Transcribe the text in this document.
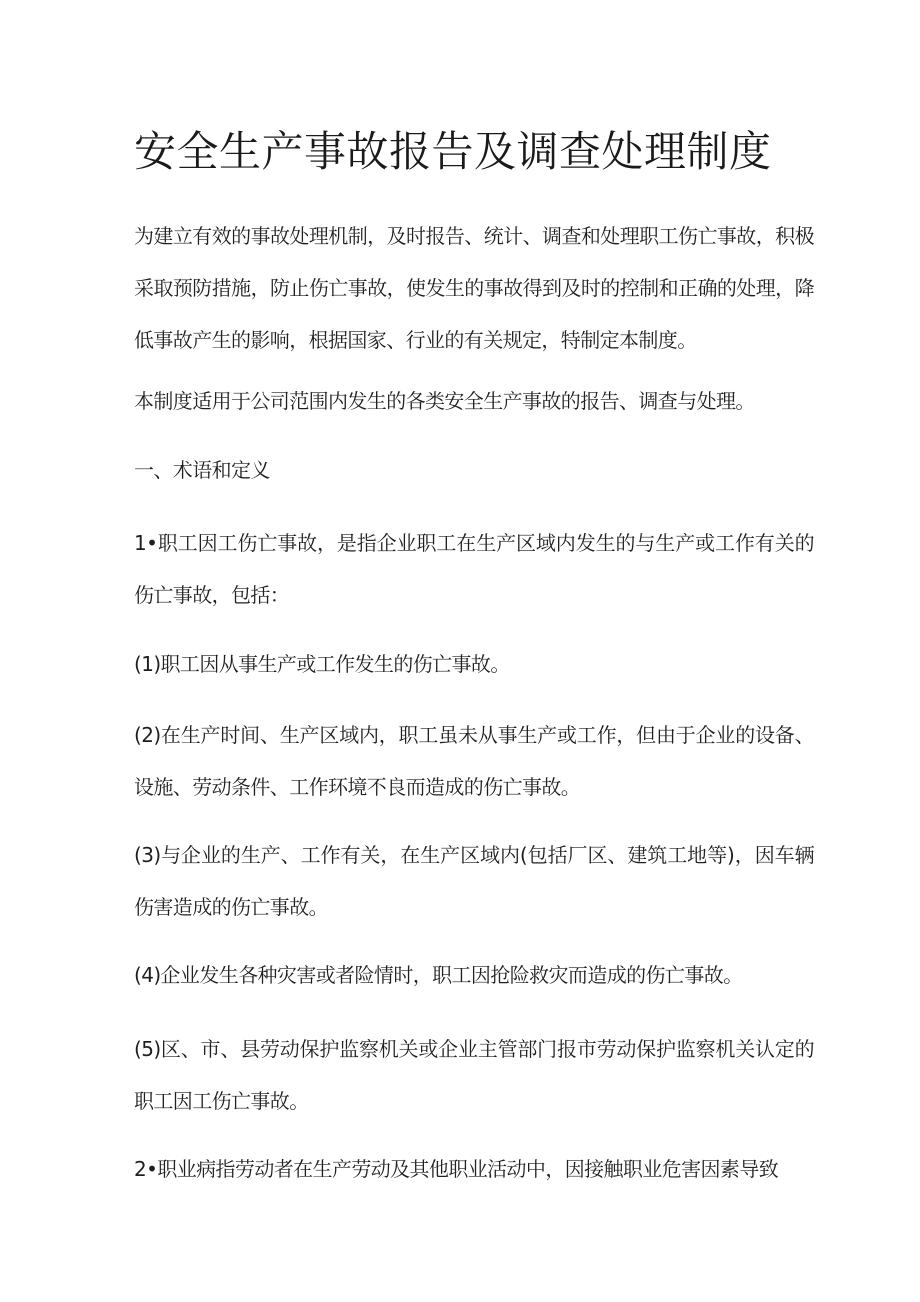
安全生产事故报告及调查处理制度

为建立有效的事故处理机制，及时报告、统计、调查和处理职工伤亡事故，积极采取预防措施，防止伤亡事故，使发生的事故得到及时的控制和正确的处理，降低事故产生的影响，根据国家、行业的有关规定，特制定本制度。

本制度适用于公司范围内发生的各类安全生产事故的报告、调查与处理。

一、术语和定义

1•职工因工伤亡事故，是指企业职工在生产区域内发生的与生产或工作有关的伤亡事故，包括：

(1)职工因从事生产或工作发生的伤亡事故。

(2)在生产时间、生产区域内，职工虽未从事生产或工作，但由于企业的设备、设施、劳动条件、工作环境不良而造成的伤亡事故。

(3)与企业的生产、工作有关，在生产区域内(包括厂区、建筑工地等)，因车辆伤害造成的伤亡事故。

(4)企业发生各种灾害或者险情时，职工因抢险救灾而造成的伤亡事故。

(5)区、市、县劳动保护监察机关或企业主管部门报市劳动保护监察机关认定的职工因工伤亡事故。

2•职业病指劳动者在生产劳动及其他职业活动中，因接触职业危害因素导致
